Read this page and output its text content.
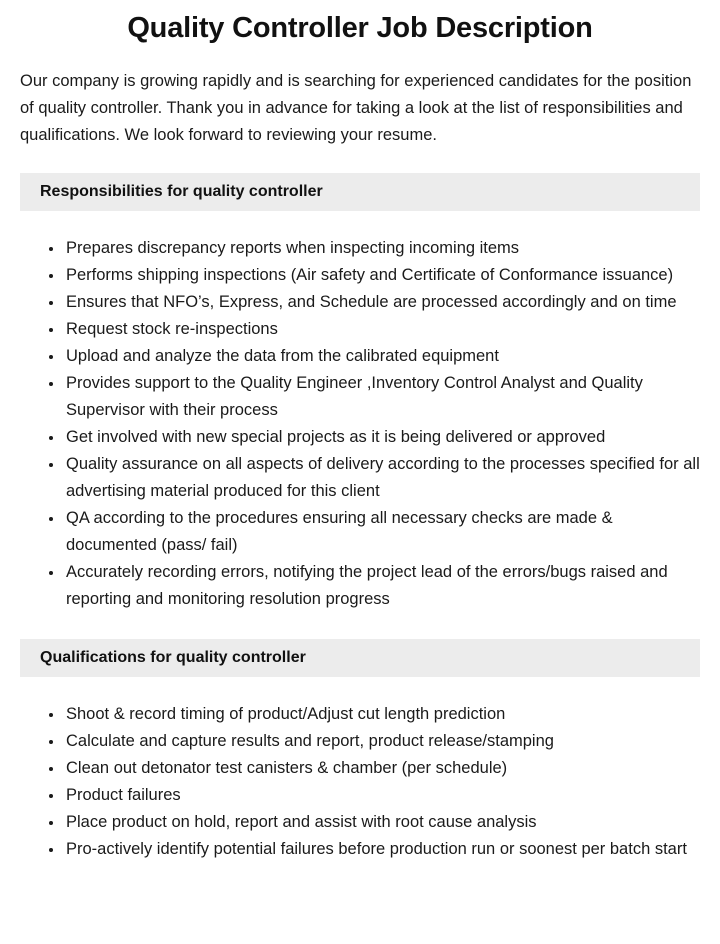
Quality Controller Job Description

Our company is growing rapidly and is searching for experienced candidates for the position of quality controller. Thank you in advance for taking a look at the list of responsibilities and qualifications. We look forward to reviewing your resume.

Responsibilities for quality controller
• Prepares discrepancy reports when inspecting incoming items
• Performs shipping inspections (Air safety and Certificate of Conformance issuance)
• Ensures that NFO’s, Express, and Schedule are processed accordingly and on time
• Request stock re-inspections
• Upload and analyze the data from the calibrated equipment
• Provides support to the Quality Engineer ,Inventory Control Analyst and Quality Supervisor with their process
• Get involved with new special projects as it is being delivered or approved
• Quality assurance on all aspects of delivery according to the processes specified for all advertising material produced for this client
• QA according to the procedures ensuring all necessary checks are made & documented (pass/ fail)
• Accurately recording errors, notifying the project lead of the errors/bugs raised and reporting and monitoring resolution progress
Qualifications for quality controller
• Shoot & record timing of product/Adjust cut length prediction
• Calculate and capture results and report, product release/stamping
• Clean out detonator test canisters & chamber (per schedule)
• Product failures
• Place product on hold, report and assist with root cause analysis
• Pro-actively identify potential failures before production run or soonest per batch start
